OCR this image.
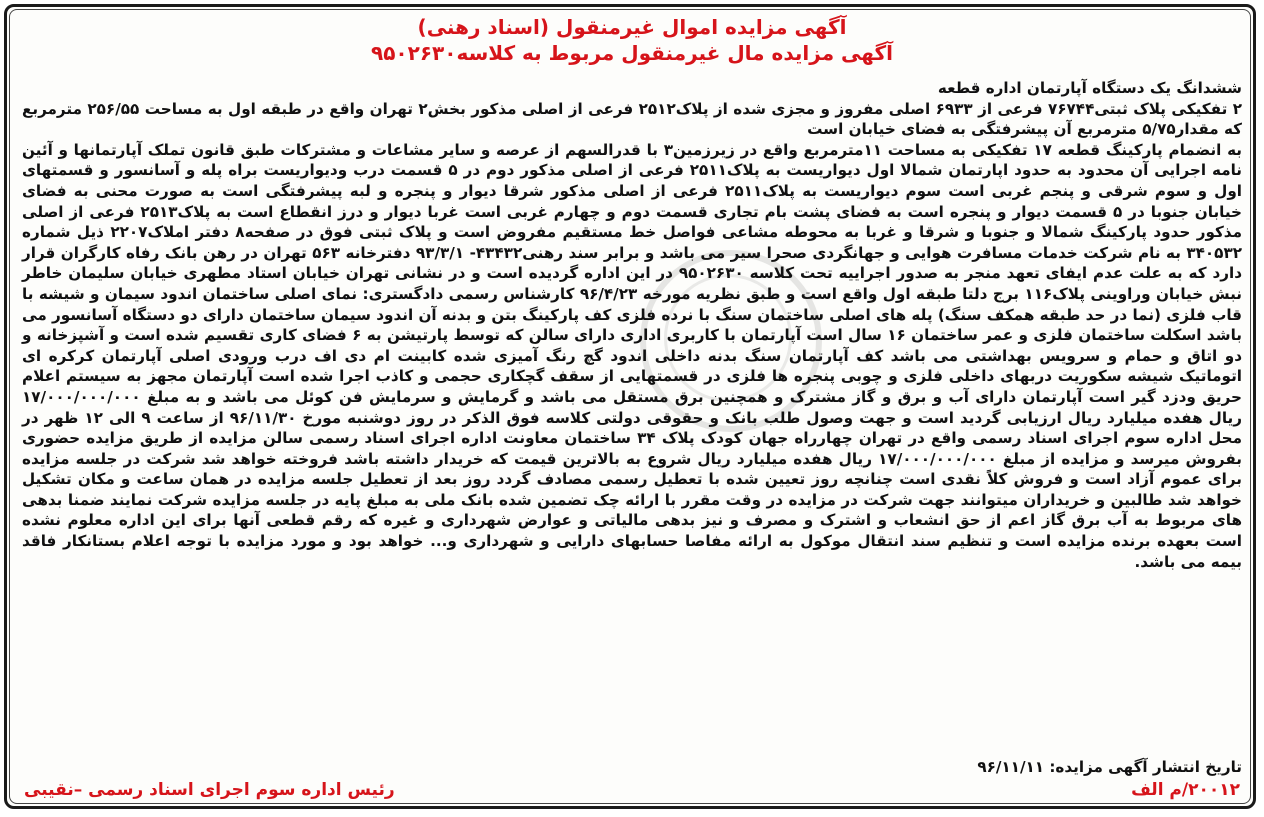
آگهی مزایده اموال غیرمنقول (اسناد رهنی)
آگهی مزایده مال غیرمنقول مربوط به کلاسه۹۵۰۲۶۳۰

ششدانگ یک دستگاه آپارتمان اداره قطعه

۲ تفکیکی پلاک ثبتی۷۶۷۴۴ فرعی از ۶۹۳۳ اصلی مفروز و مجزی شده از پلاک۲۵۱۲ فرعی از اصلی مذکور بخش۲ تهران واقع در طبقه اول به مساحت ۲۵۶/۵۵ مترمربع که مقدار۵/۷۵ مترمربع آن پیشرفتگی به فضای خیابان است

به انضمام پارکینگ قطعه ۱۷ تفکیکی به مساحت ۱۱مترمربع واقع در زیرزمین۳ با قدرالسهم از عرصه و سایر مشاعات و مشترکات طبق قانون تملک آپارتمانها و آئین نامه اجرایی آن محدود به حدود اپارتمان شمالا اول دیواریست به پلاک۲۵۱۱ فرعی از اصلی مذکور دوم در ۵ قسمت درب ودیواریست براه پله و آسانسور و قسمتهای اول و سوم شرقی و پنجم غربی است سوم دیواریست به پلاک۲۵۱۱ فرعی از اصلی مذکور شرقا دیوار و پنجره و لبه پیشرفتگی است به صورت محنی به فضای خیابان جنوبا در ۵ قسمت دیوار و پنجره است به فضای پشت بام تجاری قسمت دوم و چهارم غربی است غربا دیوار و درز انقطاع است به پلاک۲۵۱۳ فرعی از اصلی مذکور حدود پارکینگ شمالا و جنوبا و شرقا و غربا به محوطه مشاعی فواصل خط مستقیم مفروض است و پلاک ثبتی فوق در صفحه۸ دفتر املاک۲۲۰۷ ذیل شماره ۳۴۰۵۳۲ به نام شرکت خدمات مسافرت هوایی و جهانگردی صحرا سیر می باشد و برابر سند رهنی۴۳۴۳۲- ۹۳/۳/۱ دفترخانه ۵۶۳ تهران در رهن بانک رفاه کارگران قرار دارد که به علت عدم ایفای تعهد منجر به صدور اجراییه تحت کلاسه ۹۵۰۲۶۳۰ در این اداره گردیده است و در نشانی تهران خیابان استاد مطهری خیابان سلیمان خاطر نبش خیابان وراوینی پلاک۱۱۶ برج دلتا طبقه اول واقع است و طبق نظریه مورخه ۹۶/۴/۲۳ کارشناس رسمی دادگستری: نمای اصلی ساختمان اندود سیمان و شیشه با قاب فلزی (نما در حد طبقه همکف سنگ) پله های اصلی ساختمان سنگ با نرده فلزی کف پارکینگ بتن و بدنه آن اندود سیمان ساختمان دارای دو دستگاه آسانسور می باشد اسکلت ساختمان فلزی و عمر ساختمان ۱۶ سال است آپارتمان با کاربری اداری دارای سالن که توسط پارتیشن به ۶ فضای کاری تقسیم شده است و آشپزخانه و دو اتاق و حمام و سرویس بهداشتی می باشد کف آپارتمان سنگ بدنه داخلی اندود گچ رنگ آمیزی شده کابینت ام دی اف درب ورودی اصلی آپارتمان کرکره ای اتوماتیک شیشه سکوریت دربهای داخلی فلزی و چوبی پنجره ها فلزی در قسمتهایی از سقف گچکاری حجمی و کاذب اجرا شده است آپارتمان مجهز به سیستم اعلام حریق ودزد گیر است آپارتمان دارای آب و برق و گاز مشترک و همچنین برق مستقل می باشد و گرمایش و سرمایش فن کوئل می باشد و به مبلغ ۱۷/۰۰۰/۰۰۰/۰۰۰ ریال هفده میلیارد ریال ارزیابی گردید است و جهت وصول طلب بانک و حقوقی دولتی کلاسه فوق الذکر در روز دوشنبه مورخ ۹۶/۱۱/۳۰ از ساعت ۹ الی ۱۲ ظهر در محل اداره سوم اجرای اسناد رسمی واقع در تهران چهارراه جهان کودک پلاک ۳۴ ساختمان معاونت اداره اجرای اسناد رسمی سالن مزایده از طریق مزایده حضوری بفروش میرسد و مزایده از مبلغ ۱۷/۰۰۰/۰۰۰/۰۰۰ ریال هفده میلیارد ریال شروع به بالاترین قیمت که خریدار داشته باشد فروخته خواهد شد شرکت در جلسه مزایده برای عموم آزاد است و فروش کلاً نقدی است چنانچه روز تعیین شده با تعطیل رسمی مصادف گردد روز بعد از تعطیل جلسه مزایده در همان ساعت و مکان تشکیل خواهد شد طالبین و خریداران میتوانند جهت شرکت در مزایده در وقت مقرر با ارائه چک تضمین شده بانک ملی به مبلغ پایه در جلسه مزایده شرکت نمایند ضمنا بدهی های مربوط به آب برق گاز اعم از حق انشعاب و اشترک و مصرف و نیز بدهی مالیاتی و عوارض شهرداری و غیره که رقم قطعی آنها برای این اداره معلوم نشده است بعهده برنده مزایده است و تنظیم سند انتقال موکول به ارائه مفاصا حسابهای دارایی و شهرداری و... خواهد بود و مورد مزایده با توجه اعلام بستانکار فاقد بیمه می باشد.

تاریخ انتشار آگهی مزایده: ۹۶/۱۱/۱۱
۲۰۰۱۲/م الف
رئیس اداره سوم اجرای اسناد رسمی –نقیبی
